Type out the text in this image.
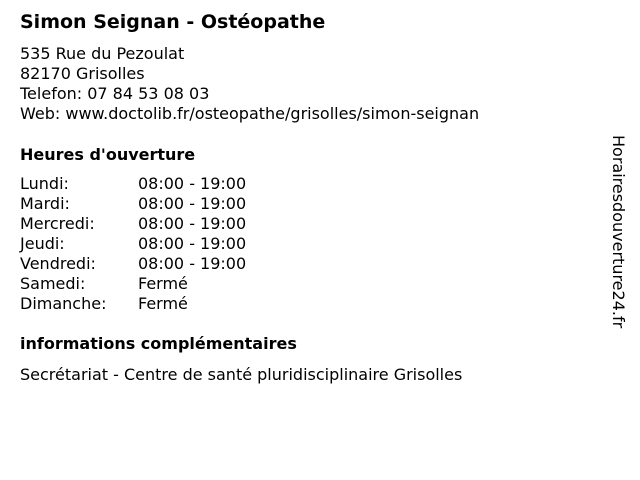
Simon Seignan - Ostéopathe
535 Rue du Pezoulat
82170 Grisolles
Telefon: 07 84 53 08 03
Web: www.doctolib.fr/osteopathe/grisolles/simon-seignan
Heures d'ouverture
Lundi:	08:00 - 19:00
Mardi:	08:00 - 19:00
Mercredi:	08:00 - 19:00
Jeudi:	08:00 - 19:00
Vendredi:	08:00 - 19:00
Samedi:	Fermé
Dimanche:	Fermé
informations complémentaires
Secrétariat - Centre de santé pluridisciplinaire Grisolles
Horairesdouverture24.fr
